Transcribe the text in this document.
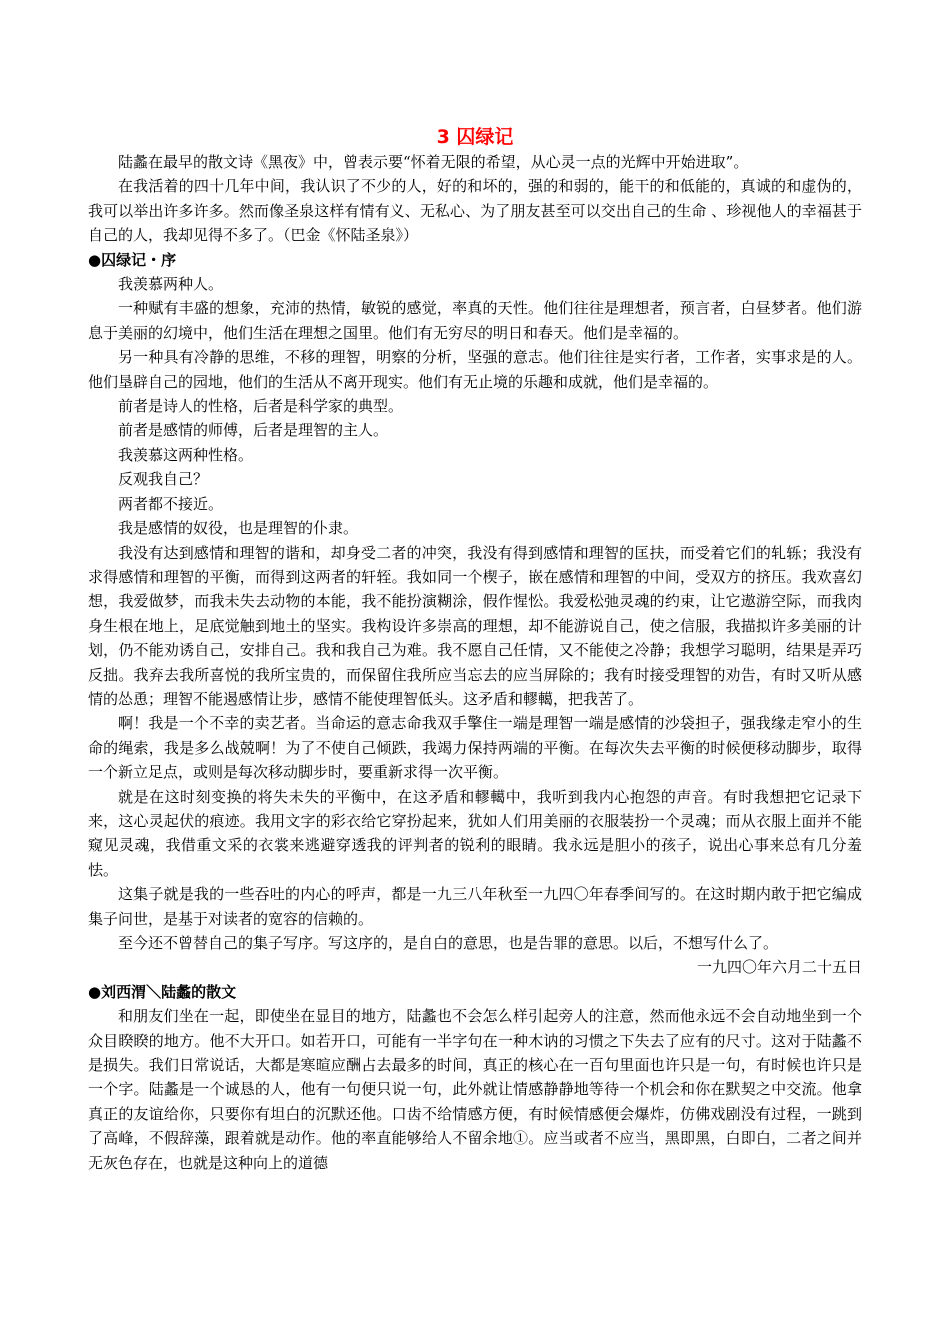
3 囚绿记

陆蠡在最早的散文诗《黑夜》中，曾表示要“怀着无限的希望，从心灵一点的光辉中开始进取”。

在我活着的四十几年中间，我认识了不少的人，好的和坏的，强的和弱的，能干的和低能的，真诚的和虚伪的，我可以举出许多许多。然而像圣泉这样有情有义、无私心、为了朋友甚至可以交出自己的生命 、珍视他人的幸福甚于自己的人，我却见得不多了。（巴金《怀陆圣泉》）

●囚绿记・序

我羡慕两种人。

一种赋有丰盛的想象，充沛的热情，敏锐的感觉，率真的天性。他们往往是理想者，预言者，白昼梦者。他们游息于美丽的幻境中，他们生活在理想之国里。他们有无穷尽的明日和春天。他们是幸福的。

另一种具有冷静的思维，不移的理智，明察的分析，坚强的意志。他们往往是实行者，工作者，实事求是的人。他们垦辟自己的园地，他们的生活从不离开现实。他们有无止境的乐趣和成就，他们是幸福的。

前者是诗人的性格，后者是科学家的典型。

前者是感情的师傅，后者是理智的主人。

我羡慕这两种性格。

反观我自己？

两者都不接近。

我是感情的奴役，也是理智的仆隶。

我没有达到感情和理智的谐和，却身受二者的冲突，我没有得到感情和理智的匡扶，而受着它们的轧轹；我没有求得感情和理智的平衡，而得到这两者的轩轾。我如同一个楔子，嵌在感情和理智的中间，受双方的挤压。我欢喜幻想，我爱做梦，而我未失去动物的本能，我不能扮演糊涂，假作惺忪。我爱松弛灵魂的约束，让它遨游空际，而我肉身生根在地上，足底觉触到地土的坚实。我构设许多崇高的理想，却不能游说自己，使之信服，我描拟许多美丽的计划，仍不能劝诱自己，安排自己。我和我自己为难。我不愿自己任情，又不能使之冷静；我想学习聪明，结果是弄巧反拙。我弃去我所喜悦的我所宝贵的，而保留住我所应当忘去的应当屏除的；我有时接受理智的劝告，有时又听从感情的怂恿；理智不能遏感情让步，感情不能使理智低头。这矛盾和轇轕，把我苦了。

啊！我是一个不幸的卖艺者。当命运的意志命我双手擎住一端是理智一端是感情的沙袋担子，强我缘走窄小的生命的绳索，我是多么战兢啊！为了不使自己倾跌，我竭力保持两端的平衡。在每次失去平衡的时候便移动脚步，取得一个新立足点，或则是每次移动脚步时，要重新求得一次平衡。

就是在这时刻变换的将失未失的平衡中，在这矛盾和轇轕中，我听到我内心抱怨的声音。有时我想把它记录下来，这心灵起伏的痕迹。我用文字的彩衣给它穿扮起来，犹如人们用美丽的衣服装扮一个灵魂；而从衣服上面并不能窥见灵魂，我借重文采的衣裳来逃避穿透我的评判者的锐利的眼睛。我永远是胆小的孩子，说出心事来总有几分羞怯。

这集子就是我的一些吞吐的内心的呼声，都是一九三八年秋至一九四〇年春季间写的。在这时期内敢于把它编成集子问世，是基于对读者的宽容的信赖的。

至今还不曾替自己的集子写序。写这序的，是自白的意思，也是告罪的意思。以后，不想写什么了。

一九四〇年六月二十五日

●刘西渭＼陆蠡的散文

和朋友们坐在一起，即使坐在显目的地方，陆蠡也不会怎么样引起旁人的注意，然而他永远不会自动地坐到一个众目睽睽的地方。他不大开口。如若开口，可能有一半字句在一种木讷的习惯之下失去了应有的尺寸。这对于陆蠡不是损失。我们日常说话，大都是寒暄应酬占去最多的时间，真正的核心在一百句里面也许只是一句，有时候也许只是一个字。陆蠡是一个诚恳的人，他有一句便只说一句，此外就让情感静静地等待一个机会和你在默契之中交流。他拿真正的友谊给你，只要你有坦白的沉默还他。口齿不给情感方便，有时候情感便会爆炸，仿佛戏剧没有过程，一跳到了高峰，不假辞藻，跟着就是动作。他的率直能够给人不留余地①。应当或者不应当，黑即黑，白即白，二者之间并无灰色存在，也就是这种向上的道德
